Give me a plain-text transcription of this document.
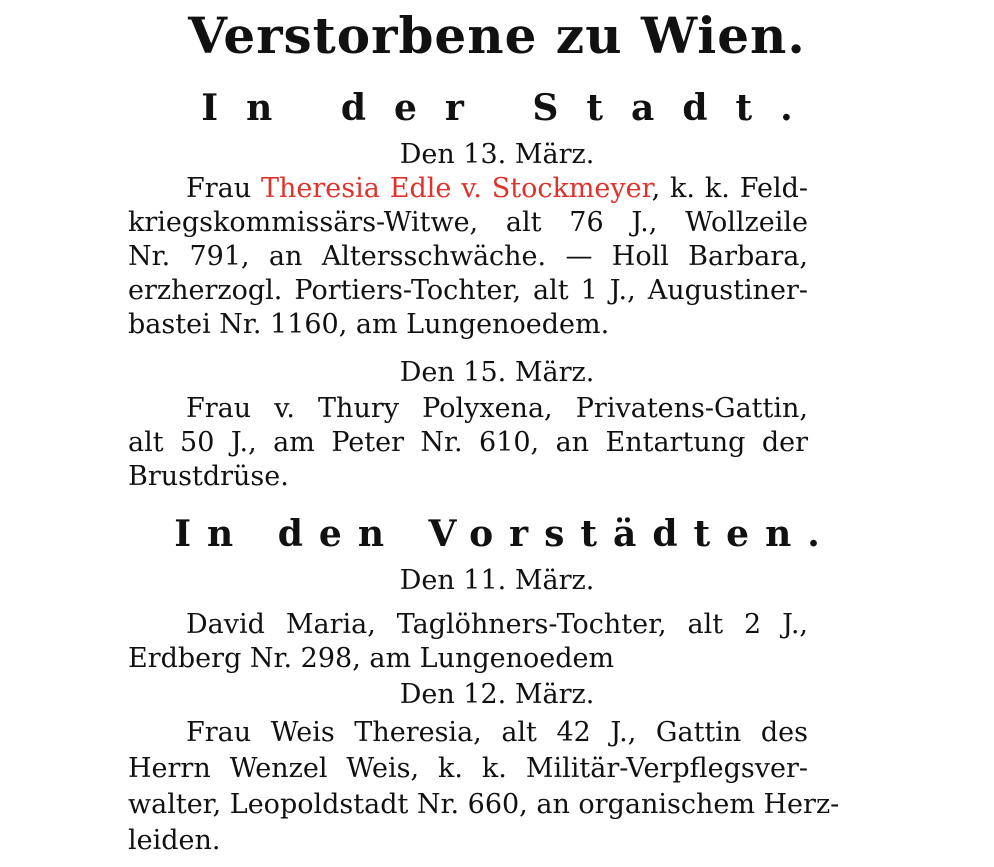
Verstorbene zu Wien.
In der Stadt.
Den 13. März.
Frau Theresia Edle v. Stockmeyer, k. k. Feld-
kriegskommissärs-Witwe, alt 76 J., Wollzeile
Nr. 791, an Altersschwäche. — Holl Barbara,
erzherzogl. Portiers-Tochter, alt 1 J., Augustiner-
bastei Nr. 1160, am Lungenoedem.
Den 15. März.
Frau v. Thury Polyxena, Privatens-Gattin,
alt 50 J., am Peter Nr. 610, an Entartung der
Brustdrüse.
In den Vorstädten.
Den 11. März.
David Maria, Taglöhners-Tochter, alt 2 J.,
Erdberg Nr. 298, am Lungenoedem
Den 12. März.
Frau Weis Theresia, alt 42 J., Gattin des
Herrn Wenzel Weis, k. k. Militär-Verpflegsver-
walter, Leopoldstadt Nr. 660, an organischem Herz-
leiden.
